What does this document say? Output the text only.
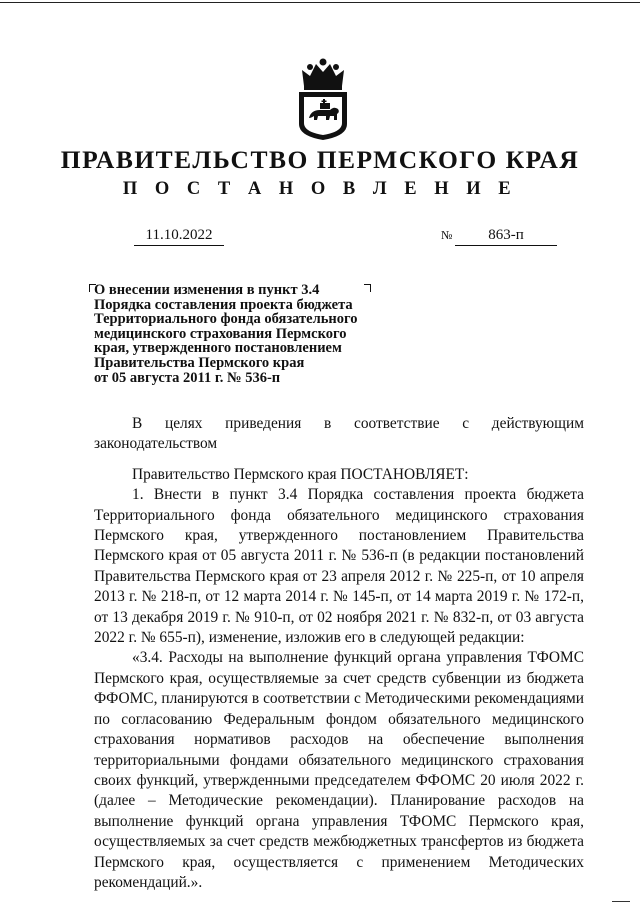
ПРАВИТЕЛЬСТВО ПЕРМСКОГО КРАЯ
П О С Т А Н О В Л Е Н И Е
11.10.2022	№ 863-п
О внесении изменения в пункт 3.4
Порядка составления проекта бюджета
Территориального фонда обязательного
медицинского страхования Пермского
края, утвержденного постановлением
Правительства Пермского края
от 05 августа 2011 г. № 536-п

В целях приведения в соответствие с действующим законодательством

Правительство Пермского края ПОСТАНОВЛЯЕТ:

1. Внести в пункт 3.4 Порядка составления проекта бюджета Территориального фонда обязательного медицинского страхования Пермского края, утвержденного постановлением Правительства Пермского края от 05 августа 2011 г. № 536-п (в редакции постановлений Правительства Пермского края от 23 апреля 2012 г. № 225-п, от 10 апреля 2013 г. № 218-п, от 12 марта 2014 г. № 145-п, от 14 марта 2019 г. № 172-п, от 13 декабря 2019 г. № 910-п, от 02 ноября 2021 г. № 832-п, от 03 августа 2022 г. № 655-п), изменение, изложив его в следующей редакции:

«3.4. Расходы на выполнение функций органа управления ТФОМС Пермского края, осуществляемые за счет средств субвенции из бюджета ФФОМС, планируются в соответствии с Методическими рекомендациями по согласованию Федеральным фондом обязательного медицинского страхования нормативов расходов на обеспечение выполнения территориальными фондами обязательного медицинского страхования своих функций, утвержденными председателем ФФОМС 20 июля 2022 г. (далее – Методические рекомендации). Планирование расходов на выполнение функций органа управления ТФОМС Пермского края, осуществляемых за счет средств межбюджетных трансфертов из бюджета Пермского края, осуществляется с применением Методических рекомендаций.».
